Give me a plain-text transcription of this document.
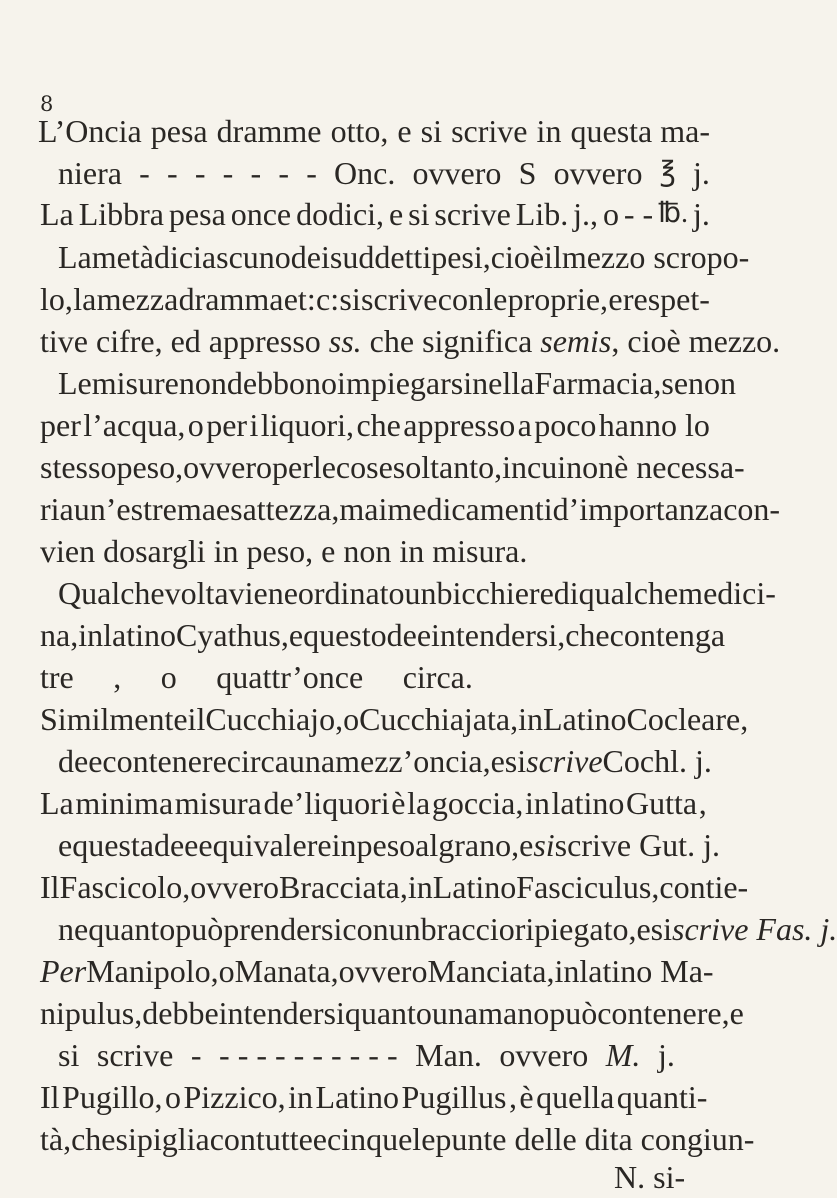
8
L’Oncia pesa dramme otto, e si scrive in questa ma-
niera - - - - - - - Onc. ovvero S ovvero ℥ j.
La Libbra pesa once dodici, e si scrive Lib. j., o - - ℔. j.
La metà di ciascuno dei suddetti pesi, cioè il mezzo scropo-
lo, la mezza dramma et: c: si scrive con le proprie, e respet-
tive cifre, ed appresso ss. che significa semis, cioè mezzo.
Le misure non debbono impiegarsi nella Farmacia, se non
per l’acqua, o per i liquori, che appresso a poco hanno lo
stesso peso, ovvero per le cose soltanto, in cui non è necessa-
ria un’estrema esattezza, ma i medicamenti d’importanza con-
vien dosargli in peso, e non in misura.
Qualche volta viene ordinato un bicchiere di qualche medici-
na, in latino Cyathus, e questo dee intendersi, che contenga
tre , o quattr’once circa.
Similmente il Cucchiajo, o Cucchiajata , in Latino Cocleare ,
dee contenere circa una mezz’oncia, e si scrive Cochl. j.
La minima misura de’liquori è la goccia, in latino Gutta ,
e questa dee equivalere in peso al grano, e si scrive Gut. j.
Il Fascicolo , ovvero Bracciata , in Latino Fasciculus , contie-
ne quanto può prendersi con un braccio ripiegato, e si scrive Fas. j.
Per Manipolo , o Manata , ovvero Manciata , in latino Ma-
nipulus, debbe intendersi quanto una mano può contenere , e
si scrive - - - - - - - - - - - Man. ovvero M. j.
Il Pugillo, o Pizzico, in Latino Pugillus , è quella quanti-
tà, che si piglia con tutte e cinque le punte delle dita congiun-
N. si-
